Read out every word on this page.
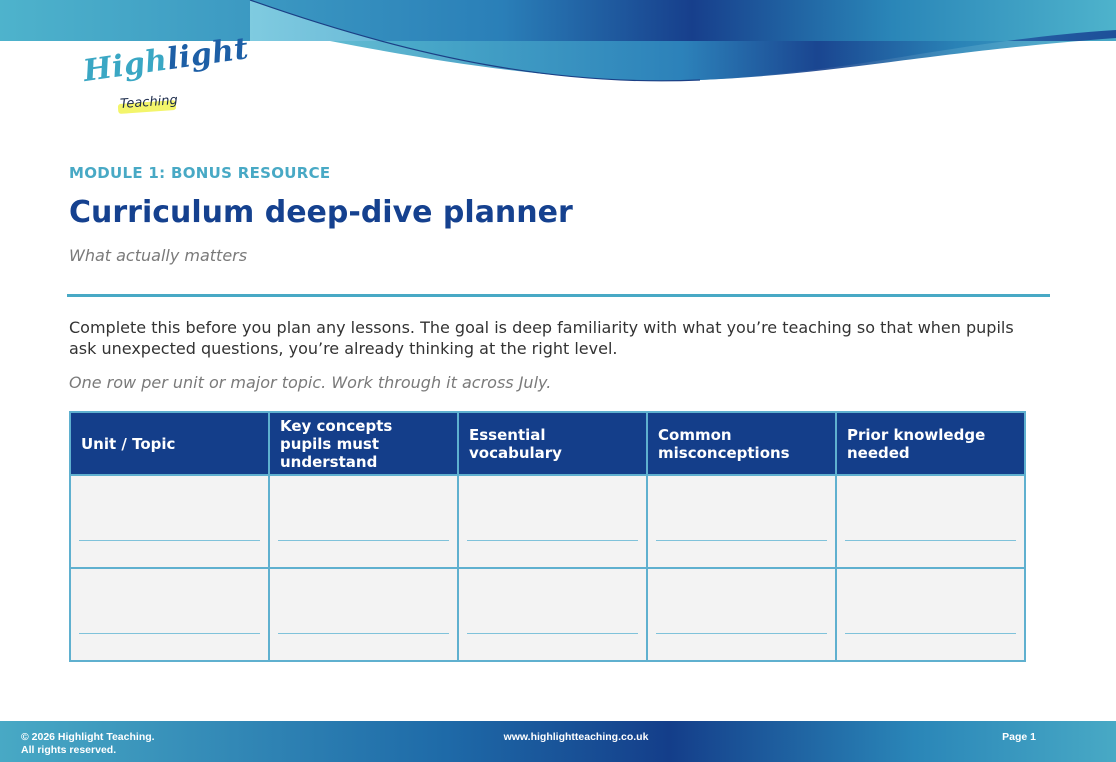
Highlight
Teaching
MODULE 1: BONUS RESOURCE
Curriculum deep-dive planner
What actually matters
Complete this before you plan any lessons. The goal is deep familiarity with what you’re teaching so that when pupils ask unexpected questions, you’re already thinking at the right level.
One row per unit or major topic. Work through it across July.
Unit / Topic	Key concepts pupils must understand	Essential vocabulary	Common misconceptions	Prior knowledge needed

© 2026 Highlight Teaching.
All rights reserved.
www.highlightteaching.co.uk	Page 1
